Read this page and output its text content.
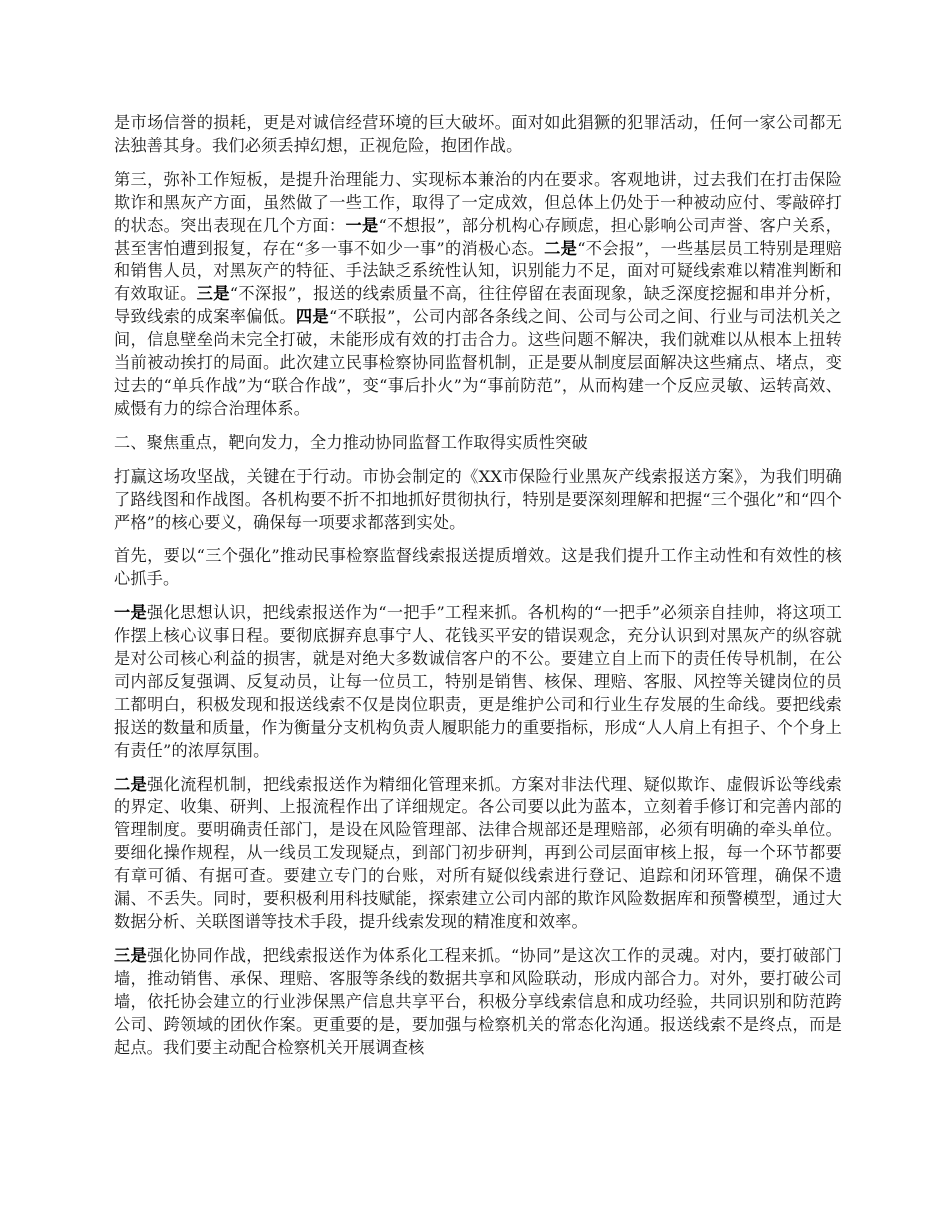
是市场信誉的损耗，更是对诚信经营环境的巨大破坏。面对如此猖獗的犯罪活动，任何一家公司都无法独善其身。我们必须丢掉幻想，正视危险，抱团作战。

第三，弥补工作短板，是提升治理能力、实现标本兼治的内在要求。客观地讲，过去我们在打击保险欺诈和黑灰产方面，虽然做了一些工作，取得了一定成效，但总体上仍处于一种被动应付、零敲碎打的状态。突出表现在几个方面：一是“不想报”，部分机构心存顾虑，担心影响公司声誉、客户关系，甚至害怕遭到报复，存在“多一事不如少一事”的消极心态。二是“不会报”，一些基层员工特别是理赔和销售人员，对黑灰产的特征、手法缺乏系统性认知，识别能力不足，面对可疑线索难以精准判断和有效取证。三是“不深报”，报送的线索质量不高，往往停留在表面现象，缺乏深度挖掘和串并分析，导致线索的成案率偏低。四是“不联报”，公司内部各条线之间、公司与公司之间、行业与司法机关之间，信息壁垒尚未完全打破，未能形成有效的打击合力。这些问题不解决，我们就难以从根本上扭转当前被动挨打的局面。此次建立民事检察协同监督机制，正是要从制度层面解决这些痛点、堵点，变过去的“单兵作战”为“联合作战”，变“事后扑火”为“事前防范”，从而构建一个反应灵敏、运转高效、威慑有力的综合治理体系。

二、聚焦重点，靶向发力，全力推动协同监督工作取得实质性突破

打赢这场攻坚战，关键在于行动。市协会制定的《XX市保险行业黑灰产线索报送方案》，为我们明确了路线图和作战图。各机构要不折不扣地抓好贯彻执行，特别是要深刻理解和把握“三个强化”和“四个严格”的核心要义，确保每一项要求都落到实处。

首先，要以“三个强化”推动民事检察监督线索报送提质增效。这是我们提升工作主动性和有效性的核心抓手。

一是强化思想认识，把线索报送作为“一把手”工程来抓。各机构的“一把手”必须亲自挂帅，将这项工作摆上核心议事日程。要彻底摒弃息事宁人、花钱买平安的错误观念，充分认识到对黑灰产的纵容就是对公司核心利益的损害，就是对绝大多数诚信客户的不公。要建立自上而下的责任传导机制，在公司内部反复强调、反复动员，让每一位员工，特别是销售、核保、理赔、客服、风控等关键岗位的员工都明白，积极发现和报送线索不仅是岗位职责，更是维护公司和行业生存发展的生命线。要把线索报送的数量和质量，作为衡量分支机构负责人履职能力的重要指标，形成“人人肩上有担子、个个身上有责任”的浓厚氛围。

二是强化流程机制，把线索报送作为精细化管理来抓。方案对非法代理、疑似欺诈、虚假诉讼等线索的界定、收集、研判、上报流程作出了详细规定。各公司要以此为蓝本，立刻着手修订和完善内部的管理制度。要明确责任部门，是设在风险管理部、法律合规部还是理赔部，必须有明确的牵头单位。要细化操作规程，从一线员工发现疑点，到部门初步研判，再到公司层面审核上报，每一个环节都要有章可循、有据可查。要建立专门的台账，对所有疑似线索进行登记、追踪和闭环管理，确保不遗漏、不丢失。同时，要积极利用科技赋能，探索建立公司内部的欺诈风险数据库和预警模型，通过大数据分析、关联图谱等技术手段，提升线索发现的精准度和效率。

三是强化协同作战，把线索报送作为体系化工程来抓。“协同”是这次工作的灵魂。对内，要打破部门墙，推动销售、承保、理赔、客服等条线的数据共享和风险联动，形成内部合力。对外，要打破公司墙，依托协会建立的行业涉保黑产信息共享平台，积极分享线索信息和成功经验，共同识别和防范跨公司、跨领域的团伙作案。更重要的是，要加强与检察机关的常态化沟通。报送线索不是终点，而是起点。我们要主动配合检察机关开展调查核
